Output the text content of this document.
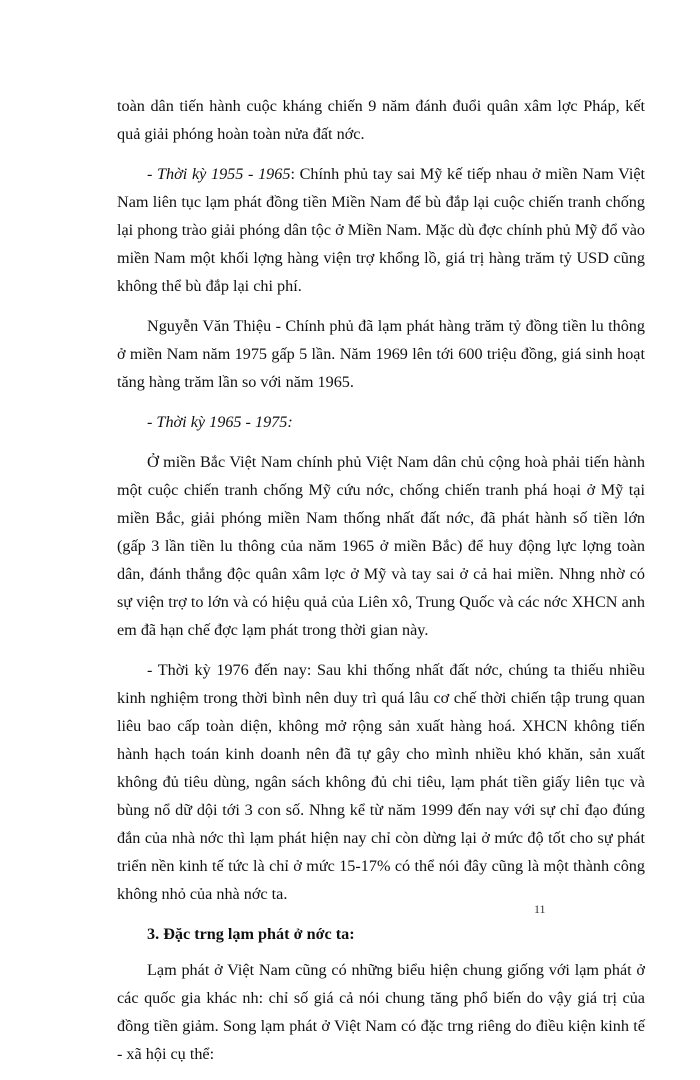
toàn dân tiến hành cuộc kháng chiến 9 năm đánh đuổi quân xâm lợc Pháp, kết quả giải phóng hoàn toàn nửa đất nớc.

- Thời kỳ 1955 - 1965: Chính phủ tay sai Mỹ kế tiếp nhau ở miền Nam Việt Nam liên tục lạm phát đồng tiền Miền Nam để bù đắp lại cuộc chiến tranh chống lại phong trào giải phóng dân tộc ở Miền Nam. Mặc dù đợc chính phủ Mỹ đổ vào miền Nam một khối lợng hàng viện trợ khổng lồ, giá trị hàng trăm tỷ USD cũng không thể bù đắp lại chi phí.

Nguyễn Văn Thiệu - Chính phủ đã lạm phát hàng trăm tỷ đồng tiền lu thông ở miền Nam năm 1975 gấp 5 lần. Năm 1969 lên tới 600 triệu đồng, giá sinh hoạt tăng hàng trăm lần so với năm 1965.

- Thời kỳ 1965 - 1975:

Ở miền Bắc Việt Nam chính phủ Việt Nam dân chủ cộng hoà phải tiến hành một cuộc chiến tranh chống Mỹ cứu nớc, chống chiến tranh phá hoại ở Mỹ tại miền Bắc, giải phóng miền Nam thống nhất đất nớc, đã phát hành số tiền lớn (gấp 3 lần tiền lu thông của năm 1965 ở miền Bắc) để huy động lực lợng toàn dân, đánh thắng độc quân xâm lợc ở Mỹ và tay sai ở cả hai miền. Nhng nhờ có sự viện trợ to lớn và có hiệu quả của Liên xô, Trung Quốc và các nớc XHCN anh em đã hạn chế đợc lạm phát trong thời gian này.

- Thời kỳ 1976 đến nay: Sau khi thống nhất đất nớc, chúng ta thiếu nhiều kinh nghiệm trong thời bình nên duy trì quá lâu cơ chế thời chiến tập trung quan liêu bao cấp toàn diện, không mở rộng sản xuất hàng hoá. XHCN không tiến hành hạch toán kinh doanh nên đã tự gây cho mình nhiều khó khăn, sản xuất không đủ tiêu dùng, ngân sách không đủ chi tiêu, lạm phát tiền giấy liên tục và bùng nổ dữ dội tới 3 con số. Nhng kể từ năm 1999 đến nay với sự chỉ đạo đúng đắn của nhà nớc thì lạm phát hiện nay chỉ còn dừng lại ở mức độ tốt cho sự phát triển nền kinh tế tức là chỉ ở mức 15-17% có thể nói đây cũng là một thành công không nhỏ của nhà nớc ta.

3. Đặc trng lạm phát ở nớc ta:

Lạm phát ở Việt Nam cũng có những biểu hiện chung giống với lạm phát ở các quốc gia khác nh: chỉ số giá cả nói chung tăng phổ biến do vậy giá trị của đồng tiền giảm. Song lạm phát ở Việt Nam có đặc trng riêng do điều kiện kinh tế - xã hội cụ thể:

11
